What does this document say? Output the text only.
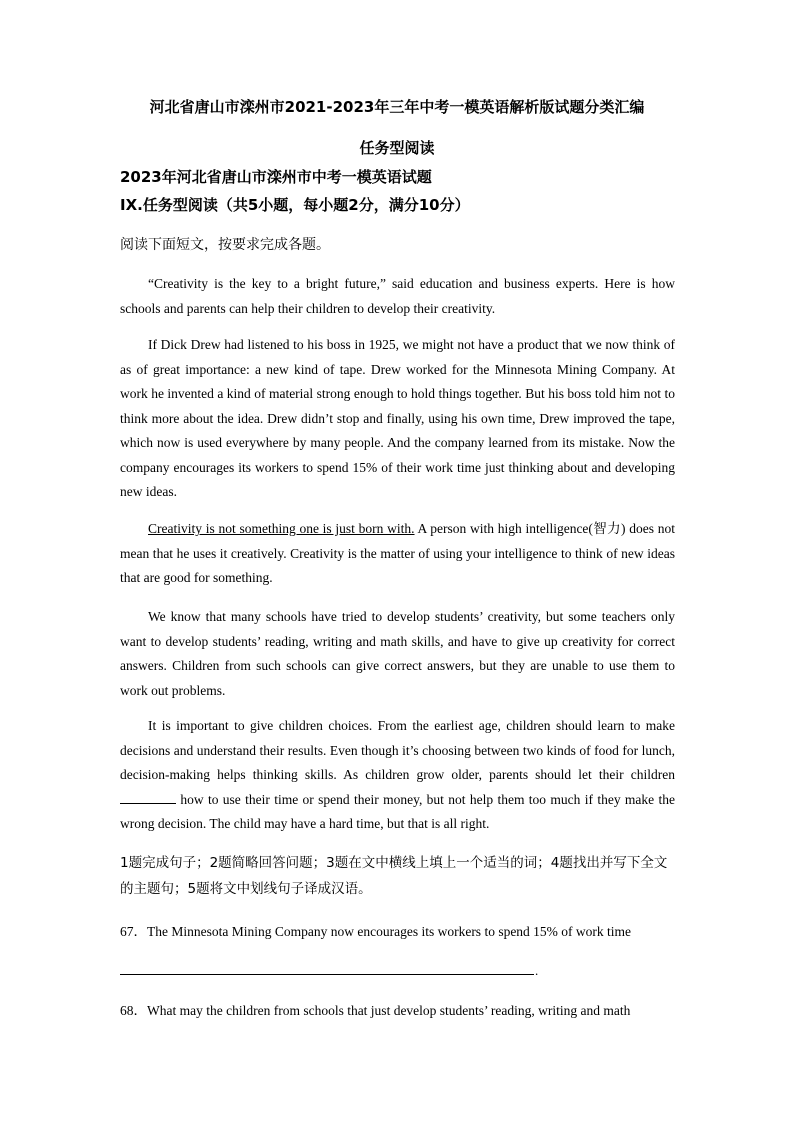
河北省唐山市滦州市2021-2023年三年中考一模英语解析版试题分类汇编
任务型阅读
2023年河北省唐山市滦州市中考一模英语试题
IX.任务型阅读（共5小题，每小题2分，满分10分）
阅读下面短文，按要求完成各题。
“Creativity is the key to a bright future,” said education and business experts. Here is how schools and parents can help their children to develop their creativity.
If Dick Drew had listened to his boss in 1925, we might not have a product that we now think of as of great importance: a new kind of tape. Drew worked for the Minnesota Mining Company. At work he invented a kind of material strong enough to hold things together. But his boss told him not to think more about the idea. Drew didn’t stop and finally, using his own time, Drew improved the tape, which now is used everywhere by many people. And the company learned from its mistake. Now the company encourages its workers to spend 15% of their work time just thinking about and developing new ideas.
Creativity is not something one is just born with. A person with high intelligence(智力) does not mean that he uses it creatively. Creativity is the matter of using your intelligence to think of new ideas that are good for something.
We know that many schools have tried to develop students’ creativity, but some teachers only want to develop students’ reading, writing and math skills, and have to give up creativity for correct answers. Children from such schools can give correct answers, but they are unable to use them to work out problems.
It is important to give children choices. From the earliest age, children should learn to make decisions and understand their results. Even though it’s choosing between two kinds of food for lunch, decision-making helps thinking skills. As children grow older, parents should let their children  how to use their time or spend their money, but not help them too much if they make the wrong decision. The child may have a hard time, but that is all right.
1题完成句子；2题简略回答问题；3题在文中横线上填上一个适当的词；4题找出并写下全文的主题句；5题将文中划线句子译成汉语。
67．The Minnesota Mining Company now encourages its workers to spend 15% of work time
.
68．What may the children from schools that just develop students’ reading, writing and math
